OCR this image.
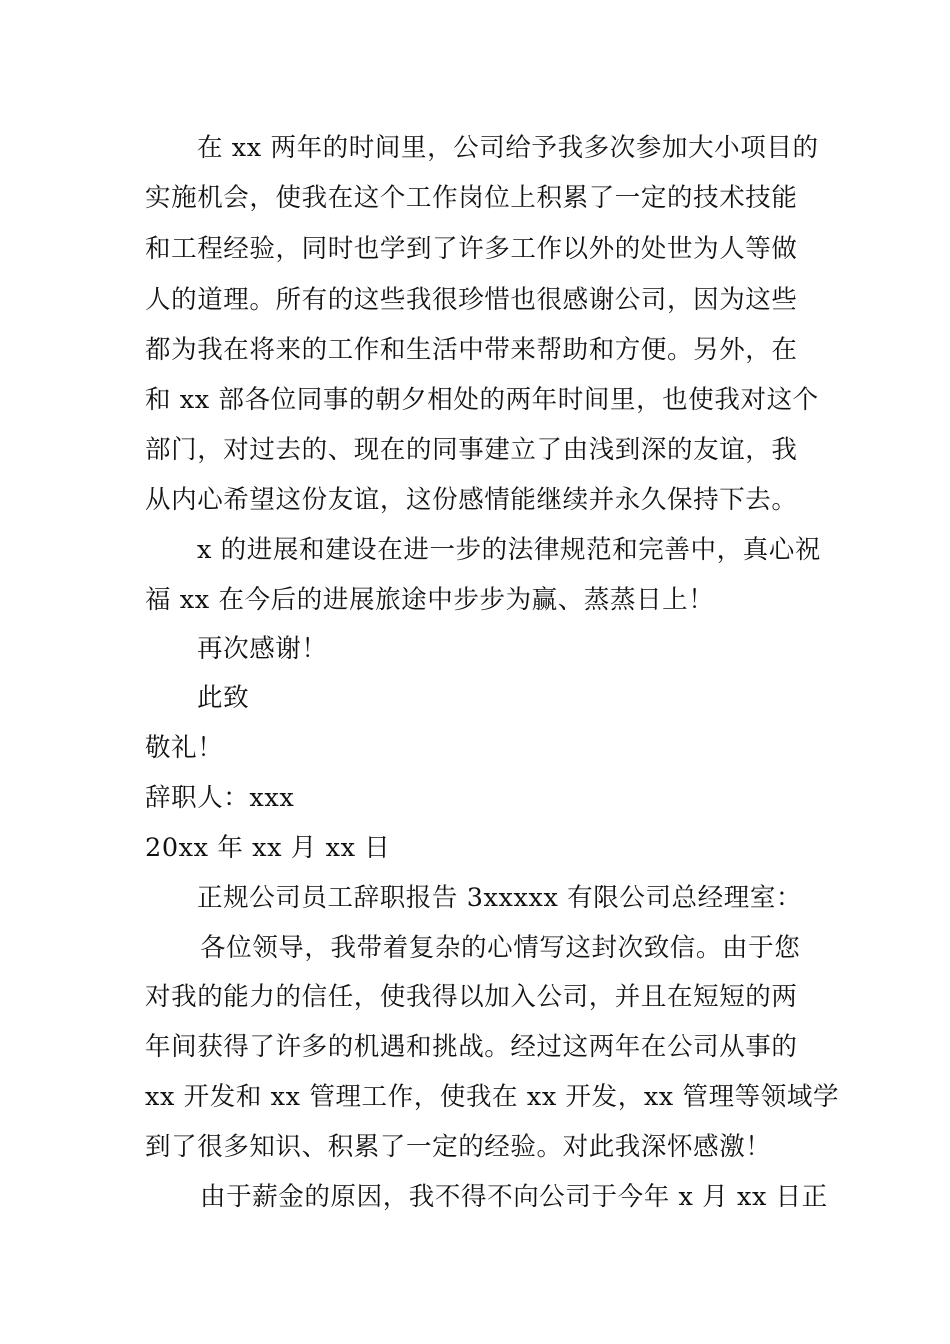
在 xx 两年的时间里，公司给予我多次参加大小项目的
实施机会，使我在这个工作岗位上积累了一定的技术技能
和工程经验，同时也学到了许多工作以外的处世为人等做
人的道理。所有的这些我很珍惜也很感谢公司，因为这些
都为我在将来的工作和生活中带来帮助和方便。另外，在
和 xx 部各位同事的朝夕相处的两年时间里，也使我对这个
部门，对过去的、现在的同事建立了由浅到深的友谊，我
从内心希望这份友谊，这份感情能继续并永久保持下去。
x 的进展和建设在进一步的法律规范和完善中，真心祝
福 xx 在今后的进展旅途中步步为赢、蒸蒸日上！
再次感谢！
此致
敬礼！
辞职人：xxx
20xx 年 xx 月 xx 日
正规公司员工辞职报告 3xxxxx 有限公司总经理室：
各位领导，我带着复杂的心情写这封次致信。由于您
对我的能力的信任，使我得以加入公司，并且在短短的两
年间获得了许多的机遇和挑战。经过这两年在公司从事的
xx 开发和 xx 管理工作，使我在 xx 开发，xx 管理等领域学
到了很多知识、积累了一定的经验。对此我深怀感激！
由于薪金的原因，我不得不向公司于今年 x 月 xx 日正
